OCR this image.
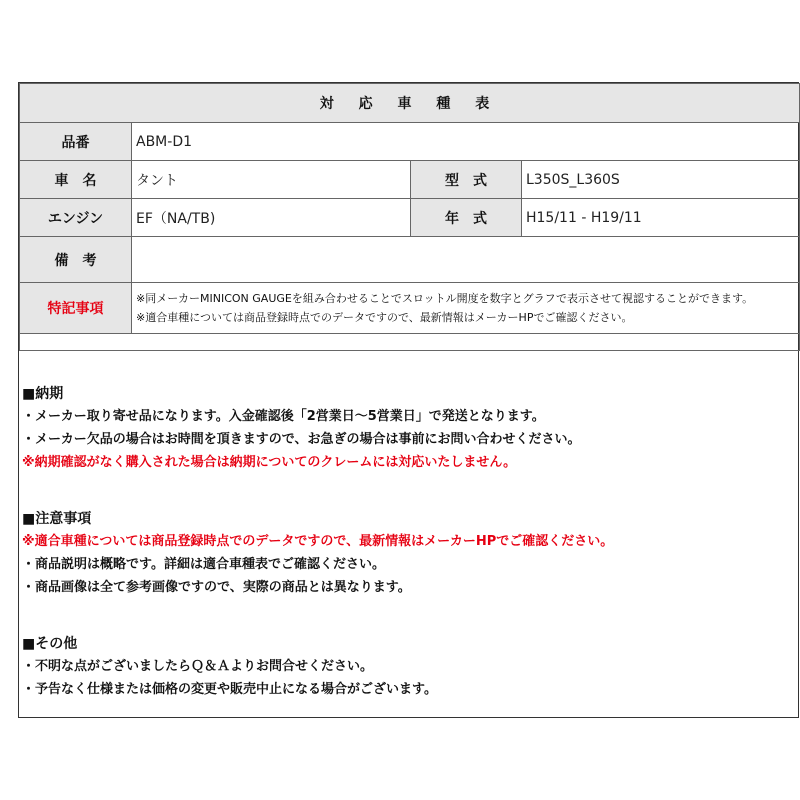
対 応 車 種 表			
品番	ABM-D1		
車　名	タント	型　式	L350S_L360S
エンジン	EF（NA/TB)	年　式	H15/11 - H19/11
備　考			
特記事項	※同メーカーMINICON GAUGEを組み合わせることでスロットル開度を数字とグラフで表示させて視認することができます。
※適合車種については商品登録時点でのデータですので、最新情報はメーカーHPでご確認ください。		

■納期
・メーカー取り寄せ品になります。入金確認後「2営業日～5営業日」で発送となります。
・メーカー欠品の場合はお時間を頂きますので、お急ぎの場合は事前にお問い合わせください。
※納期確認がなく購入された場合は納期についてのクレームには対応いたしません。
■注意事項
※適合車種については商品登録時点でのデータですので、最新情報はメーカーHPでご確認ください。
・商品説明は概略です。詳細は適合車種表でご確認ください。
・商品画像は全て参考画像ですので、実際の商品とは異なります。
■その他
・不明な点がございましたらＱ＆Ａよりお問合せください。
・予告なく仕様または価格の変更や販売中止になる場合がございます。
